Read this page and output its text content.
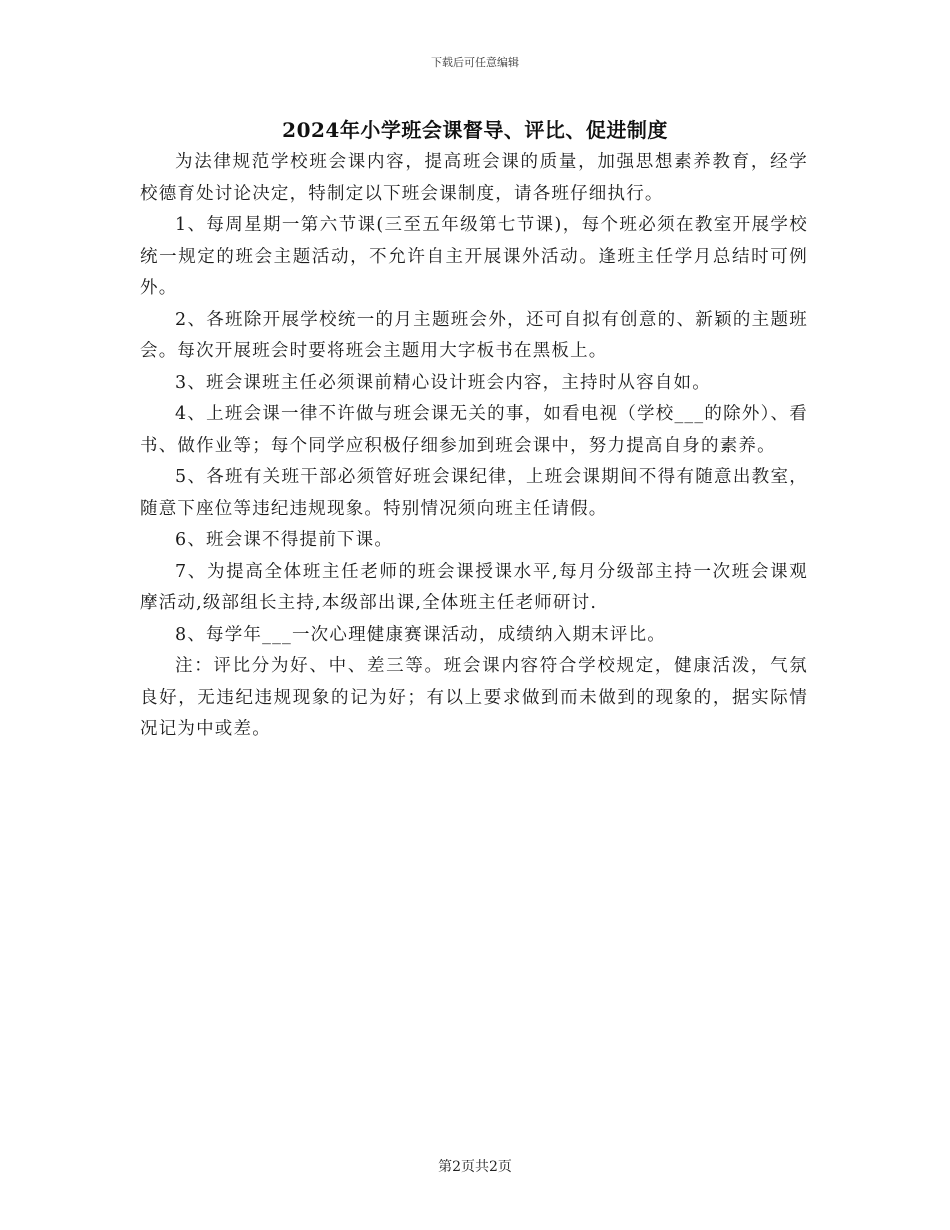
下载后可任意编辑
2024年小学班会课督导、评比、促进制度

为法律规范学校班会课内容，提高班会课的质量，加强思想素养教育，经学校德育处讨论决定，特制定以下班会课制度，请各班仔细执行。

1、每周星期一第六节课(三至五年级第七节课)，每个班必须在教室开展学校统一规定的班会主题活动，不允许自主开展课外活动。逢班主任学月总结时可例外。

2、各班除开展学校统一的月主题班会外，还可自拟有创意的、新颖的主题班会。每次开展班会时要将班会主题用大字板书在黑板上。

3、班会课班主任必须课前精心设计班会内容，主持时从容自如。

4、上班会课一律不许做与班会课无关的事，如看电视（学校___的除外）、看书、做作业等；每个同学应积极仔细参加到班会课中，努力提高自身的素养。

5、各班有关班干部必须管好班会课纪律，上班会课期间不得有随意出教室，随意下座位等违纪违规现象。特别情况须向班主任请假。

6、班会课不得提前下课。

7、为提高全体班主任老师的班会课授课水平,每月分级部主持一次班会课观摩活动,级部组长主持,本级部出课,全体班主任老师研讨.

8、每学年___一次心理健康赛课活动，成绩纳入期末评比。

注：评比分为好、中、差三等。班会课内容符合学校规定，健康活泼，气氛良好，无违纪违规现象的记为好；有以上要求做到而未做到的现象的，据实际情况记为中或差。

第2页共2页
